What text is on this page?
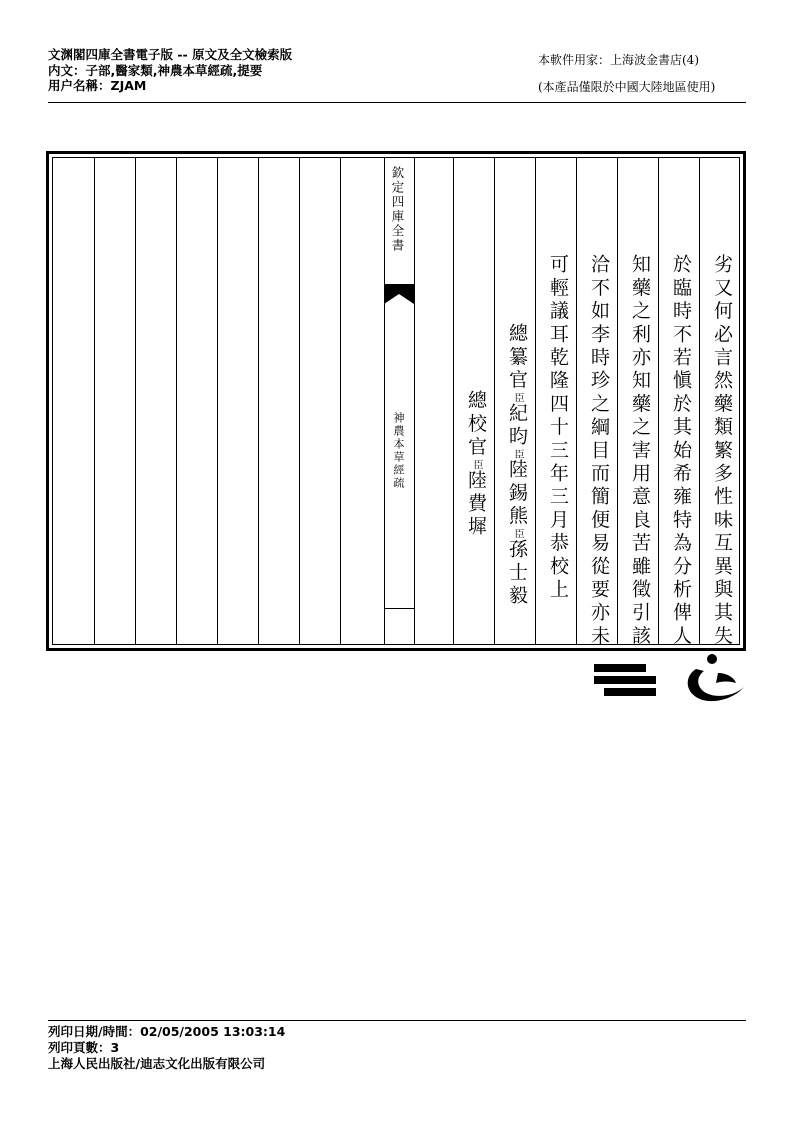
文渊閣四庫全書電子版 -- 原文及全文檢索版
内文：子部,醫家類,神農本草經疏,提要
用户名稱：ZJAM
本軟件用家：上海波金書店(4)
(本產品僅限於中國大陸地區使用)
欽定四庫全書
神農本草經疏	劣又何必言然藥類繁多性味互異與其失
於臨時不若愼於其始希雍特為分析俾人
知藥之利亦知藥之害用意良苦雖徵引該
洽不如李時珍之綱目而簡便易從要亦未
可輕議耳乾隆四十三年三月恭校上
總纂官臣紀昀臣陸錫熊臣孫士毅
總校官臣陸費墀
S
C
列印日期/時間：02/05/2005 13:03:14
列印頁數：3
上海人民出版社/迪志文化出版有限公司
